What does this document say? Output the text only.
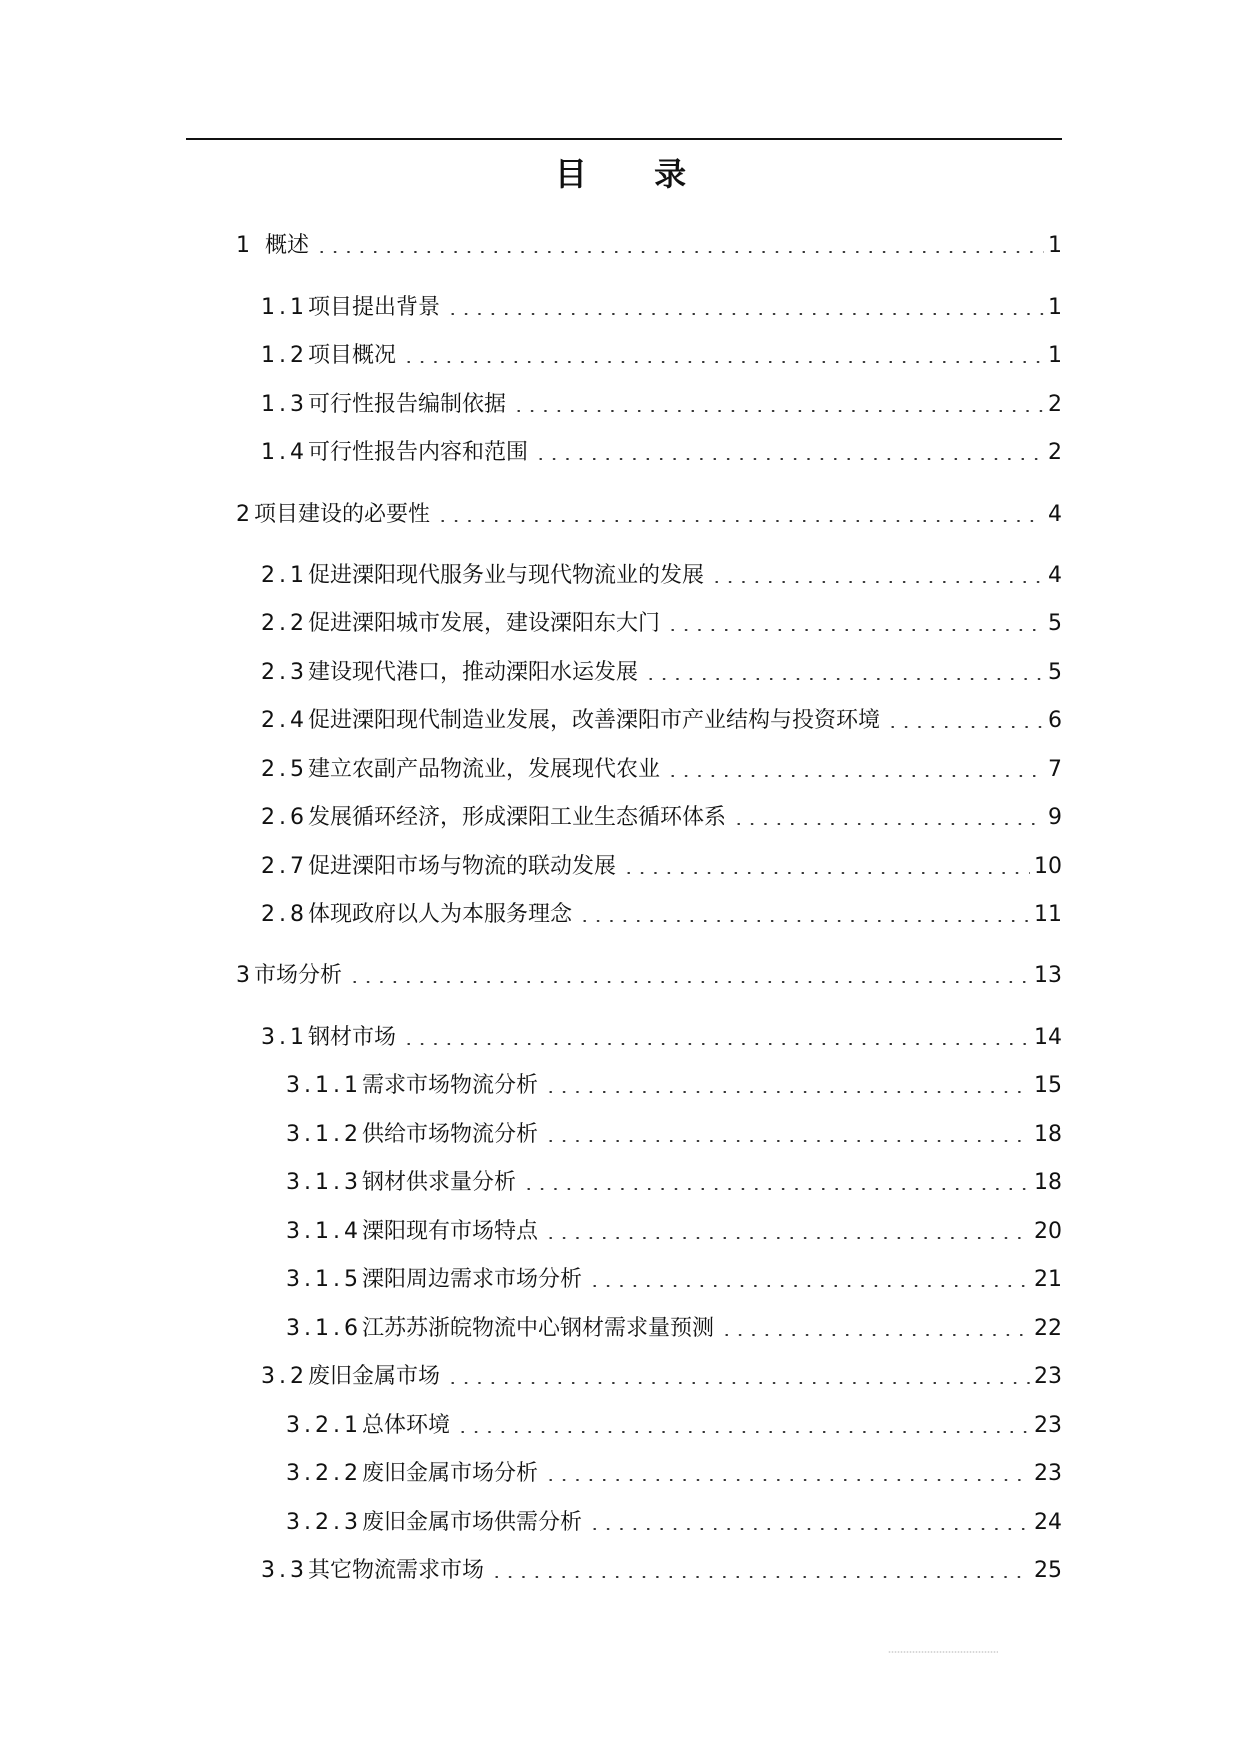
目 录
1 概述	1
1.1项目提出背景	1
1.2项目概况	1
1.3可行性报告编制依据	2
1.4可行性报告内容和范围	2
2项目建设的必要性	4
2.1促进溧阳现代服务业与现代物流业的发展	4
2.2促进溧阳城市发展，建设溧阳东大门	5
2.3建设现代港口，推动溧阳水运发展	5
2.4促进溧阳现代制造业发展，改善溧阳市产业结构与投资环境	6
2.5建立农副产品物流业，发展现代农业	7
2.6发展循环经济，形成溧阳工业生态循环体系	9
2.7促进溧阳市场与物流的联动发展	10
2.8体现政府以人为本服务理念	11
3市场分析	13
3.1钢材市场	14
3.1.1需求市场物流分析	15
3.1.2供给市场物流分析	18
3.1.3钢材供求量分析	18
3.1.4溧阳现有市场特点	20
3.1.5溧阳周边需求市场分析	21
3.1.6江苏苏浙皖物流中心钢材需求量预测	22
3.2废旧金属市场	23
3.2.1总体环境	23
3.2.2废旧金属市场分析	23
3.2.3废旧金属市场供需分析	24
3.3其它物流需求市场	25
